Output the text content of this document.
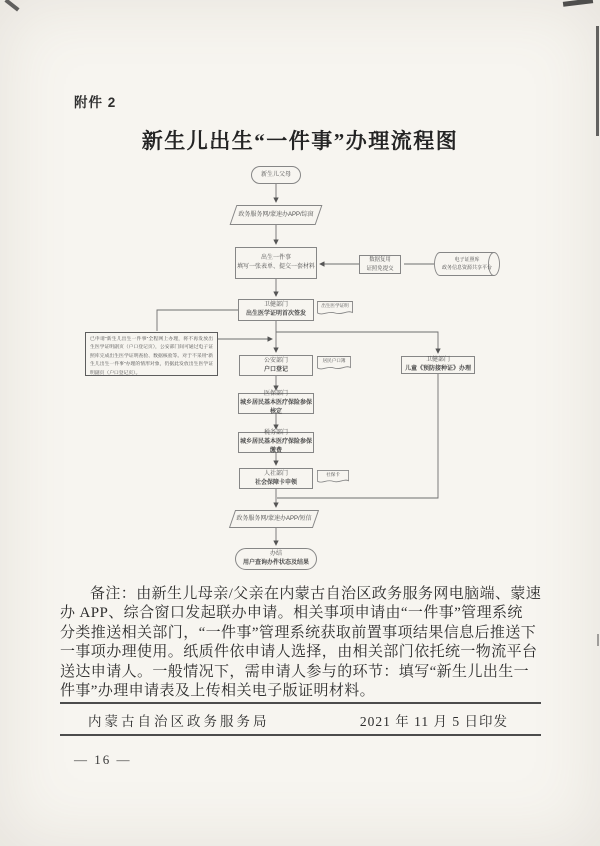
附件 2
新生儿出生“一件事”办理流程图
新生儿父母
政务服务网/蒙速办APP/综窗
出生一件事
填写一张表单、提交一套材料
数据复用
证照免提交
电子证照库
政务信息资源共享平台
卫健部门
出生医学证明首次签发
出生医学证明
已申请“新生儿出生一件事”全程网上办理，将不再发放出生医学证明副页（户口登记页），公安部门间可通过电子证照库完成出生医学证明查验、数据核验等。对于不采用“新生儿出生一件事”办理的情形对象，仍据此发放出生医学证明副页（户口登记页）。
公安部门
户口登记
居民户口簿	卫健部门
儿童《预防接种证》办理
医保部门
城乡居民基本医疗保险参保核定
税务部门
城乡居民基本医疗保险参保缴费
人社部门
社会保障卡申领
社保卡
政务服务网/蒙速办APP/短信
办结
用户查询办件状态及结果
备注：由新生儿母亲/父亲在内蒙古自治区政务服务网电脑端、蒙速
办 APP、综合窗口发起联办申请。相关事项申请由“一件事”管理系统
分类推送相关部门，“一件事”管理系统获取前置事项结果信息后推送下
一事项办理使用。纸质件依申请人选择，由相关部门依托统一物流平台
送达申请人。一般情况下，需申请人参与的环节：填写“新生儿出生一
件事”办理申请表及上传相关电子版证明材料。
内蒙古自治区政务服务局	2021 年 11 月 5 日印发
— 16 —
